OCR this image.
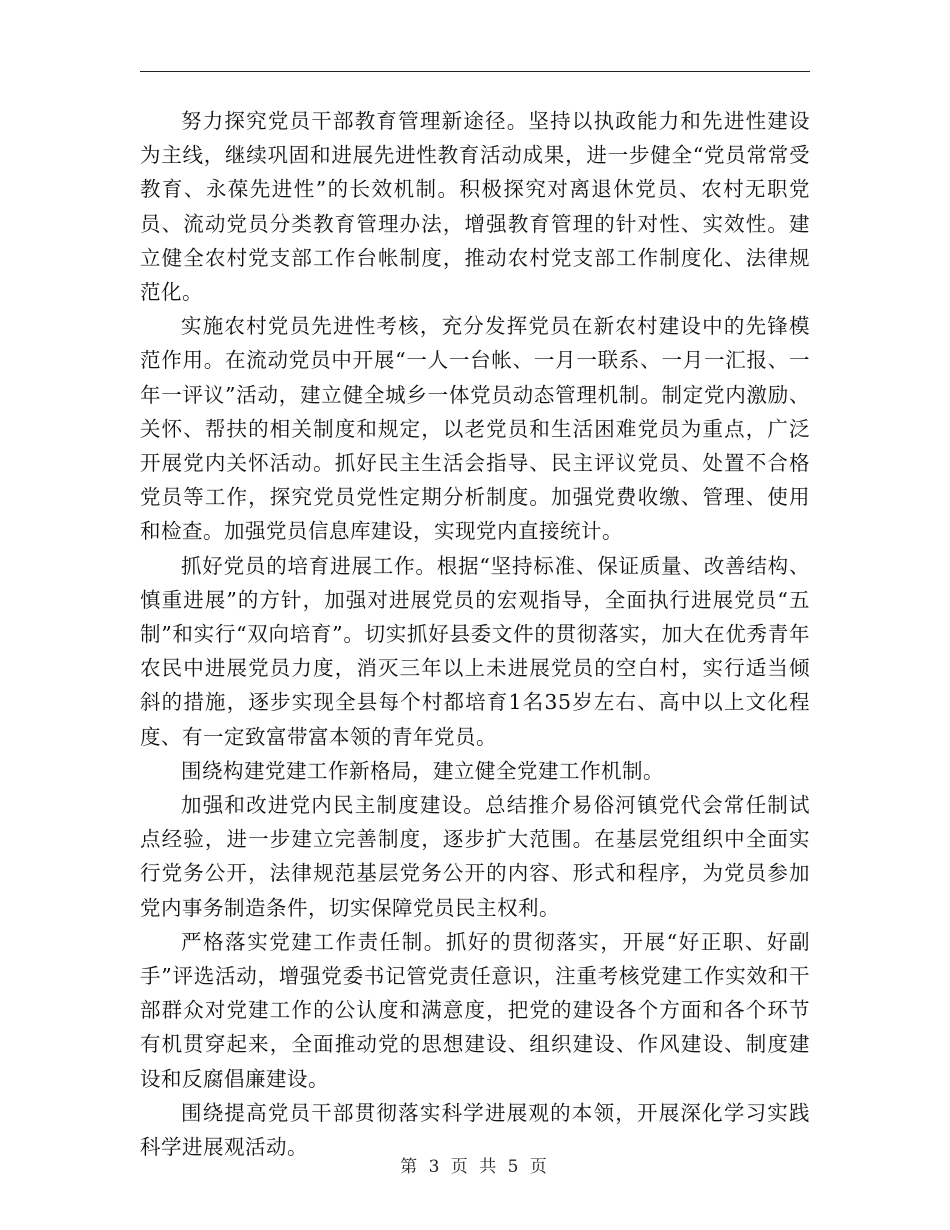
努力探究党员干部教育管理新途径。坚持以执政能力和先进性建设为主线，继续巩固和进展先进性教育活动成果，进一步健全“党员常常受教育、永葆先进性”的长效机制。积极探究对离退休党员、农村无职党员、流动党员分类教育管理办法，增强教育管理的针对性、实效性。建立健全农村党支部工作台帐制度，推动农村党支部工作制度化、法律规范化。

实施农村党员先进性考核，充分发挥党员在新农村建设中的先锋模范作用。在流动党员中开展“一人一台帐、一月一联系、一月一汇报、一年一评议”活动，建立健全城乡一体党员动态管理机制。制定党内激励、关怀、帮扶的相关制度和规定，以老党员和生活困难党员为重点，广泛开展党内关怀活动。抓好民主生活会指导、民主评议党员、处置不合格党员等工作，探究党员党性定期分析制度。加强党费收缴、管理、使用和检查。加强党员信息库建设，实现党内直接统计。

抓好党员的培育进展工作。根据“坚持标准、保证质量、改善结构、慎重进展”的方针，加强对进展党员的宏观指导，全面执行进展党员“五制”和实行“双向培育”。切实抓好县委文件的贯彻落实，加大在优秀青年农民中进展党员力度，消灭三年以上未进展党员的空白村，实行适当倾斜的措施，逐步实现全县每个村都培育1名35岁左右、高中以上文化程度、有一定致富带富本领的青年党员。

围绕构建党建工作新格局，建立健全党建工作机制。

加强和改进党内民主制度建设。总结推介易俗河镇党代会常任制试点经验，进一步建立完善制度，逐步扩大范围。在基层党组织中全面实行党务公开，法律规范基层党务公开的内容、形式和程序，为党员参加党内事务制造条件，切实保障党员民主权利。

严格落实党建工作责任制。抓好的贯彻落实，开展“好正职、好副手”评选活动，增强党委书记管党责任意识，注重考核党建工作实效和干部群众对党建工作的公认度和满意度，把党的建设各个方面和各个环节有机贯穿起来，全面推动党的思想建设、组织建设、作风建设、制度建设和反腐倡廉建设。

围绕提高党员干部贯彻落实科学进展观的本领，开展深化学习实践科学进展观活动。

第 3 页 共 5 页
